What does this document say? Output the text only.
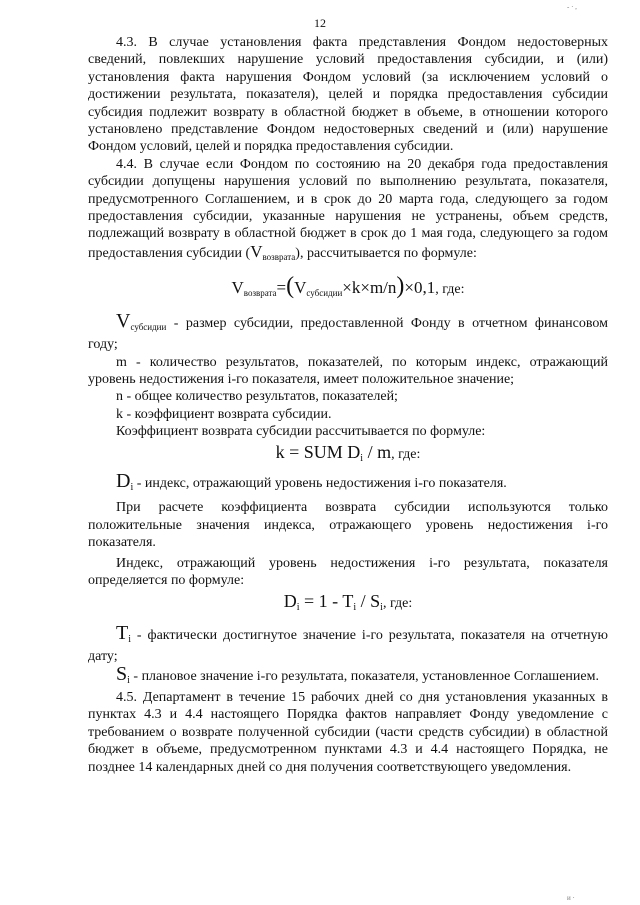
- · ,
12

4.3. В случае установления факта представления Фондом недостоверных сведений, повлекших нарушение условий предоставления субсидии, и (или) установления факта нарушения Фондом условий (за исключением условий о достижении результата, показателя), целей и порядка предоставления субсидии субсидия подлежит возврату в областной бюджет в объеме, в отношении которого установлено представление Фондом недостоверных сведений и (или) нарушение Фондом условий, целей и порядка предоставления субсидии.

4.4. В случае если Фондом по состоянию на 20 декабря года предоставления субсидии допущены нарушения условий по выполнению результата, показателя, предусмотренного Соглашением, и в срок до 20 марта года, следующего за годом предоставления субсидии, указанные нарушения не устранены, объем средств, подлежащий возврату в областной бюджет в срок до 1 мая года, следующего за годом предоставления субсидии $(V_{возврата})$, рассчитывается по формуле:

$V_{возврата}=(V_{субсидии}\times k\times m/n)\times 0,1$, где:

$V_{субсидии}$ - размер субсидии, предоставленной Фонду в отчетном финансовом году;

m - количество результатов, показателей, по которым индекс, отражающий уровень недостижения i-го показателя, имеет положительное значение;

n - общее количество результатов, показателей;

k - коэффициент возврата субсидии.

Коэффициент возврата субсидии рассчитывается по формуле:

k = SUM $D_i$ / m, где:

$D_i$ - индекс, отражающий уровень недостижения i-го показателя.

При расчете коэффициента возврата субсидии используются только положительные значения индекса, отражающего уровень недостижения i-го показателя.

Индекс, отражающий уровень недостижения i-го результата, показателя определяется по формуле:

$D_i = 1 - T_i / S_i$, где:

$T_i$ - фактически достигнутое значение i-го результата, показателя на отчетную дату;

$S_i$ - плановое значение i-го результата, показателя, установленное Соглашением.

4.5. Департамент в течение 15 рабочих дней со дня установления указанных в пунктах 4.3 и 4.4 настоящего Порядка фактов направляет Фонду уведомление с требованием о возврате полученной субсидии (части средств субсидии) в областной бюджет в объеме, предусмотренном пунктами 4.3 и 4.4 настоящего Порядка, не позднее 14 календарных дней со дня получения соответствующего уведомления.

и ·
